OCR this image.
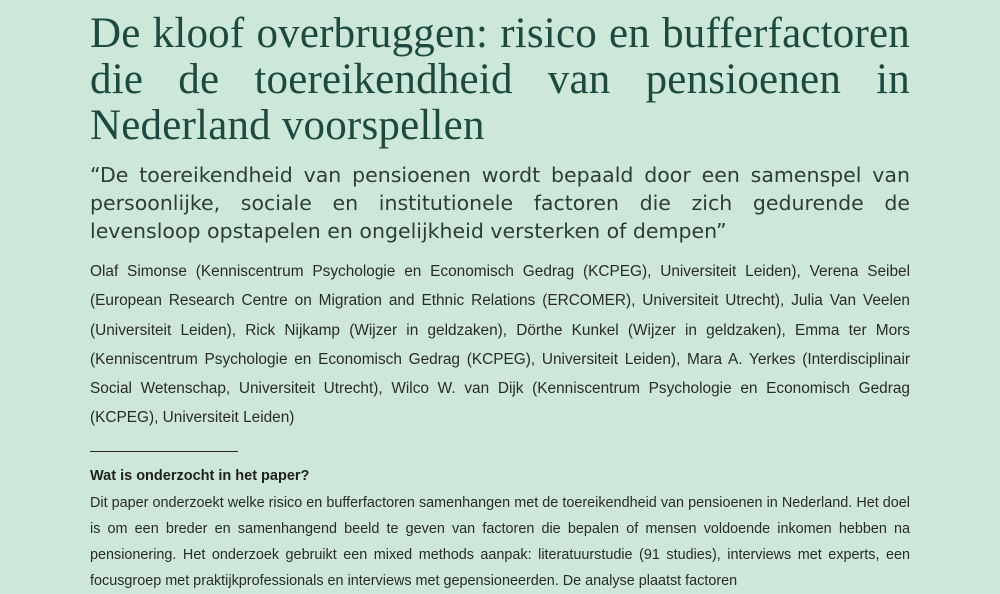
De kloof overbruggen: risico en bufferfactoren die de toereikendheid van pensioenen in Nederland voorspellen

“De toereikendheid van pensioenen wordt bepaald door een samenspel van persoonlijke, sociale en institutionele factoren die zich gedurende de levensloop opstapelen en ongelijkheid versterken of dempen”

Olaf Simonse (Kenniscentrum Psychologie en Economisch Gedrag (KCPEG), Universiteit Leiden), Verena Seibel (European Research Centre on Migration and Ethnic Relations (ERCOMER), Universiteit Utrecht), Julia Van Veelen (Universiteit Leiden), Rick Nijkamp (Wijzer in geldzaken), Dörthe Kunkel (Wijzer in geldzaken), Emma ter Mors (Kenniscentrum Psychologie en Economisch Gedrag (KCPEG), Universiteit Leiden), Mara A. Yerkes (Interdisciplinair Social Wetenschap, Universiteit Utrecht), Wilco W. van Dijk (Kenniscentrum Psychologie en Economisch Gedrag (KCPEG), Universiteit Leiden)

Wat is onderzocht in het paper?

Dit paper onderzoekt welke risico en bufferfactoren samenhangen met de toereikendheid van pensioenen in Nederland. Het doel is om een breder en samenhangend beeld te geven van factoren die bepalen of mensen voldoende inkomen hebben na pensionering. Het onderzoek gebruikt een mixed methods aanpak: literatuurstudie (91 studies), interviews met experts, een focusgroep met praktijkprofessionals en interviews met gepensioneerden. De analyse plaatst factoren
